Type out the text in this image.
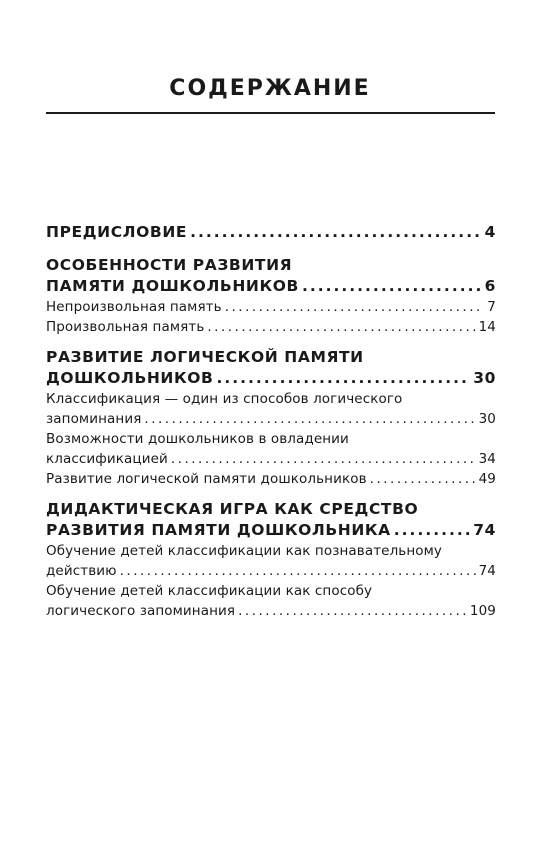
СОДЕРЖАНИЕ
ПРЕДИСЛОВИЕ .....	4
ОСОБЕННОСТИ РАЗВИТИЯ
ПАМЯТИ ДОШКОЛЬНИКОВ .....	6
Непроизвольная память .....	7
Произвольная память .....	14
РАЗВИТИЕ ЛОГИЧЕСКОЙ ПАМЯТИ
ДОШКОЛЬНИКОВ .....	30
Классификация — один из способов логического
запоминания .....	30
Возможности дошкольников в овладении
классификацией .....	34
Развитие логической памяти дошкольников .....	49
ДИДАКТИЧЕСКАЯ ИГРА КАК СРЕДСТВО
РАЗВИТИЯ ПАМЯТИ ДОШКОЛЬНИКА .....	74
Обучение детей классификации как познавательному
действию .....	74
Обучение детей классификации как способу
логического запоминания .....	109
